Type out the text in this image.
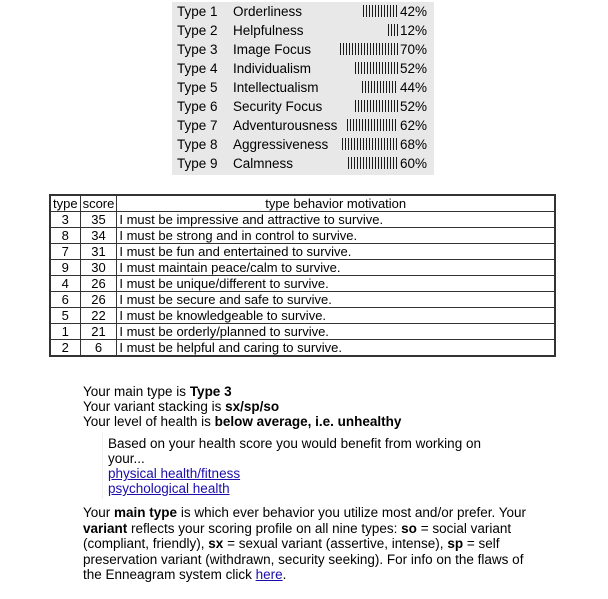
Type 1 Orderliness	42%
Type 2 Helpfulness	12%
Type 3 Image Focus	70%
Type 4 Individualism	52%
Type 5 Intellectualism	44%
Type 6 Security Focus	52%
Type 7 Adventurousness	62%
Type 8 Aggressiveness	68%
Type 9 Calmness	60%
type	score	type behavior motivation
3	35	I must be impressive and attractive to survive.
8	34	I must be strong and in control to survive.
7	31	I must be fun and entertained to survive.
9	30	I must maintain peace/calm to survive.
4	26	I must be unique/different to survive.
6	26	I must be secure and safe to survive.
5	22	I must be knowledgeable to survive.
1	21	I must be orderly/planned to survive.
2	6	I must be helpful and caring to survive.
Your main type is Type 3
Your variant stacking is sx/sp/so
Your level of health is below average, i.e. unhealthy
Based on your health score you would benefit from working on your...
physical health/fitness
psychological health
Your main type is which ever behavior you utilize most and/or prefer. Your variant reflects your scoring profile on all nine types: so = social variant (compliant, friendly), sx = sexual variant (assertive, intense), sp = self preservation variant (withdrawn, security seeking). For info on the flaws of the Enneagram system click here.
